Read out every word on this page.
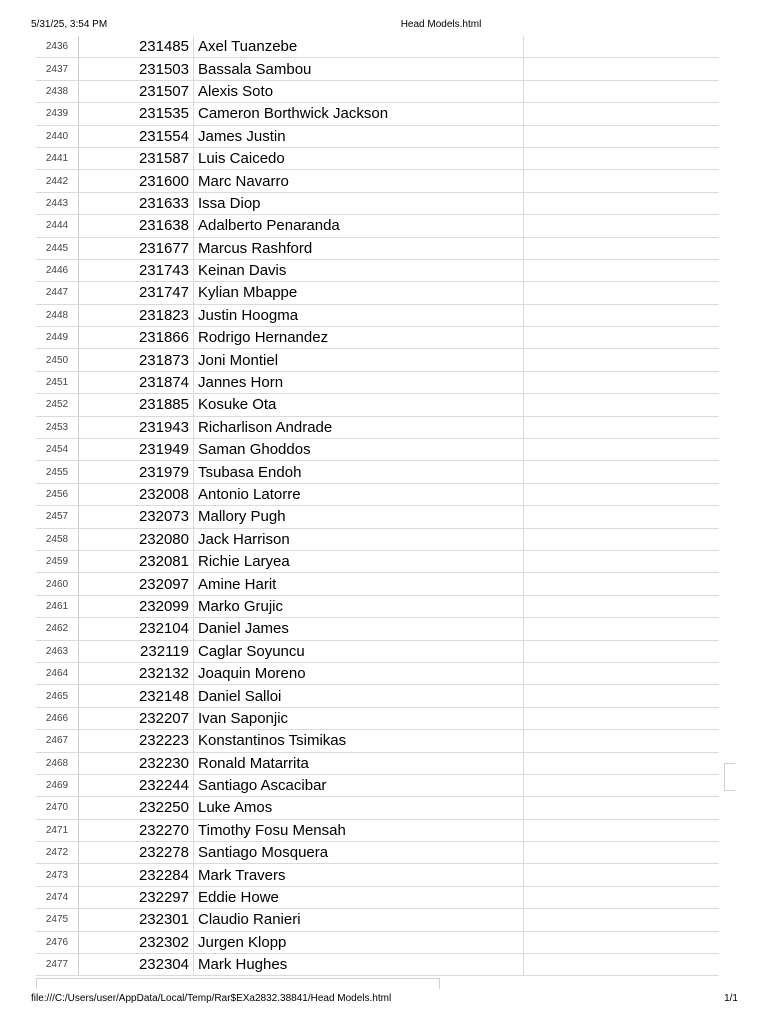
5/31/25, 3:54 PM	Head Models.html
2436	231485	Axel Tuanzebe	
2437	231503	Bassala Sambou	
2438	231507	Alexis Soto	
2439	231535	Cameron Borthwick Jackson	
2440	231554	James Justin	
2441	231587	Luis Caicedo	
2442	231600	Marc Navarro	
2443	231633	Issa Diop	
2444	231638	Adalberto Penaranda	
2445	231677	Marcus Rashford	
2446	231743	Keinan Davis	
2447	231747	Kylian Mbappe	
2448	231823	Justin Hoogma	
2449	231866	Rodrigo Hernandez	
2450	231873	Joni Montiel	
2451	231874	Jannes Horn	
2452	231885	Kosuke Ota	
2453	231943	Richarlison Andrade	
2454	231949	Saman Ghoddos	
2455	231979	Tsubasa Endoh	
2456	232008	Antonio Latorre	
2457	232073	Mallory Pugh	
2458	232080	Jack Harrison	
2459	232081	Richie Laryea	
2460	232097	Amine Harit	
2461	232099	Marko Grujic	
2462	232104	Daniel James	
2463	232119	Caglar Soyuncu	
2464	232132	Joaquin Moreno	
2465	232148	Daniel Salloi	
2466	232207	Ivan Saponjic	
2467	232223	Konstantinos Tsimikas	
2468	232230	Ronald Matarrita	
2469	232244	Santiago Ascacibar	
2470	232250	Luke Amos	
2471	232270	Timothy Fosu Mensah	
2472	232278	Santiago Mosquera	
2473	232284	Mark Travers	
2474	232297	Eddie Howe	
2475	232301	Claudio Ranieri	
2476	232302	Jurgen Klopp	
2477	232304	Mark Hughes	
file:///C:/Users/user/AppData/Local/Temp/Rar$EXa2832.38841/Head Models.html	1/1
